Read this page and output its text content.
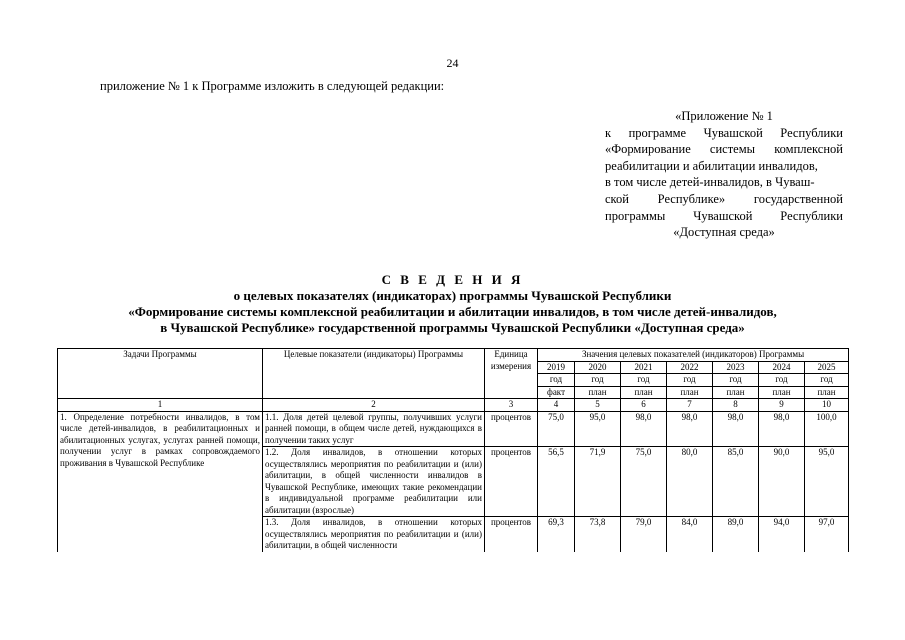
24
приложение № 1 к Программе изложить в следующей редакции:
«Приложение № 1
к программе Чувашской Республики
«Формирование системы комплексной
реабилитации и абилитации инвалидов,
в том числе детей-инвалидов, в Чуваш-
ской Республике» государственной
программы Чувашской Республики
«Доступная среда»
С В Е Д Е Н И Я
о целевых показателях (индикаторах) программы Чувашской Республики
«Формирование системы комплексной реабилитации и абилитации инвалидов, в том числе детей-инвалидов,
в Чувашской Республике» государственной программы Чувашской Республики «Доступная среда»
Задачи Программы	Целевые показатели (индикаторы) Программы	Единица измерения	Значения целевых показателей (индикаторов) Программы						
			2019	2020	2021	2022	2023	2024	2025
			год	год	год	год	год	год	год
			факт	план	план	план	план	план	план
1	2	3	4	5	6	7	8	9	10
1. Определение потребности инвалидов, в том числе детей-инвалидов, в реабилитационных и абилитационных услугах, услугах ранней помощи, получении услуг в рамках сопровождаемого проживания в Чувашской Республике	1.1. Доля детей целевой группы, получивших услуги ранней помощи, в общем числе детей, нуждающихся в получении таких услуг	процентов	75,0	95,0	98,0	98,0	98,0	98,0	100,0
	1.2. Доля инвалидов, в отношении которых осуществлялись мероприятия по реабилитации и (или) абилитации, в общей численности инвалидов в Чувашской Республике, имеющих такие рекомендации в индивидуальной программе реабилитации или абилитации (взрослые)	процентов	56,5	71,9	75,0	80,0	85,0	90,0	95,0
	1.3. Доля инвалидов, в отношении которых осуществлялись мероприятия по реабилитации и (или) абилитации, в общей численности	процентов	69,3	73,8	79,0	84,0	89,0	94,0	97,0
